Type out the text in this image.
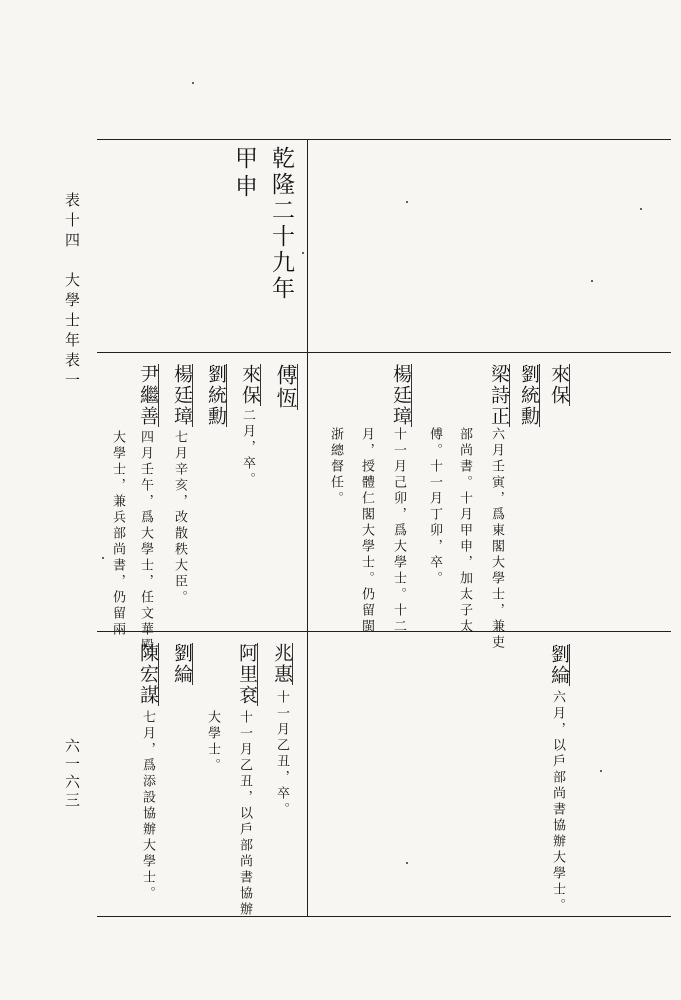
表十四　大學士年表一
六一六三
乾隆二十九年
甲申
來保
劉統勳
梁詩正
六月壬寅，爲東閣大學士，兼吏
部尚書。十月甲申，加太子太
傅。十一月丁卯，卒。
楊廷璋
十一月己卯，爲大學士。十二
月，授體仁閣大學士。仍留閩
浙總督任。
傅恆
來保
二月，卒。
劉統勳
楊廷璋
七月辛亥，改散秩大臣。
尹繼善
四月壬午，爲大學士，任文華殿
大學士，兼兵部尚書，仍留兩
劉綸
六月，以戶部尚書協辦大學士。
兆惠
十一月乙丑，卒。
阿里袞
十一月乙丑，以戶部尚書協辦
大學士。
劉綸
陳宏謀
七月，爲添設協辦大學士。
